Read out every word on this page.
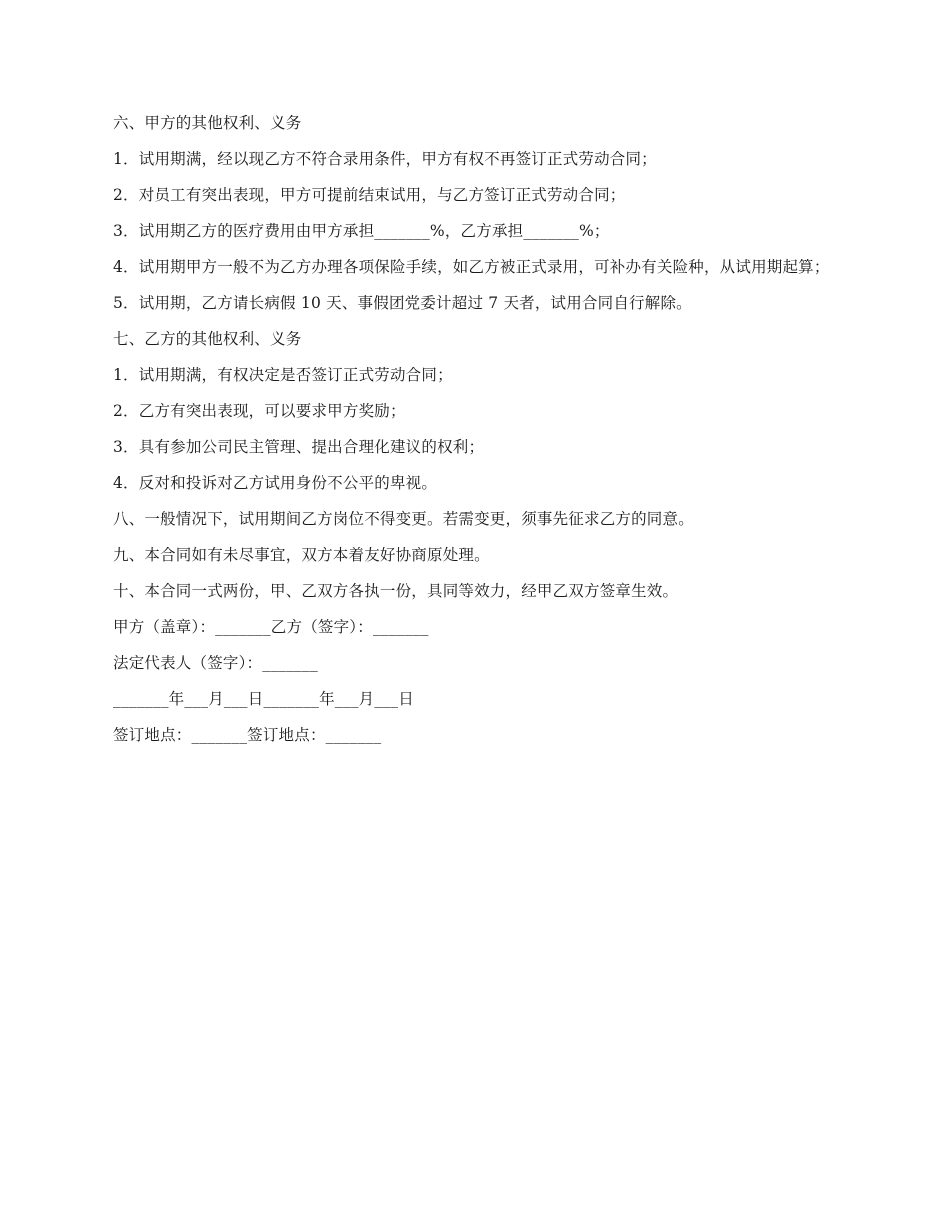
六、甲方的其他权利、义务

1．试用期满，经以现乙方不符合录用条件，甲方有权不再签订正式劳动合同；

2．对员工有突出表现，甲方可提前结束试用，与乙方签订正式劳动合同；

3．试用期乙方的医疗费用由甲方承担_______%，乙方承担_______%；

4．试用期甲方一般不为乙方办理各项保险手续，如乙方被正式录用，可补办有关险种，从试用期起算；

5．试用期，乙方请长病假 10 天、事假团党委计超过 7 天者，试用合同自行解除。

七、乙方的其他权利、义务

1．试用期满，有权决定是否签订正式劳动合同；

2．乙方有突出表现，可以要求甲方奖励；

3．具有参加公司民主管理、提出合理化建议的权利；

4．反对和投诉对乙方试用身份不公平的卑视。

八、一般情况下，试用期间乙方岗位不得变更。若需变更，须事先征求乙方的同意。

九、本合同如有未尽事宜，双方本着友好协商原处理。

十、本合同一式两份，甲、乙双方各执一份，具同等效力，经甲乙双方签章生效。

甲方（盖章）：_______乙方（签字）：_______

法定代表人（签字）：_______

_______年___月___日_______年___月___日

签订地点：_______签订地点：_______
